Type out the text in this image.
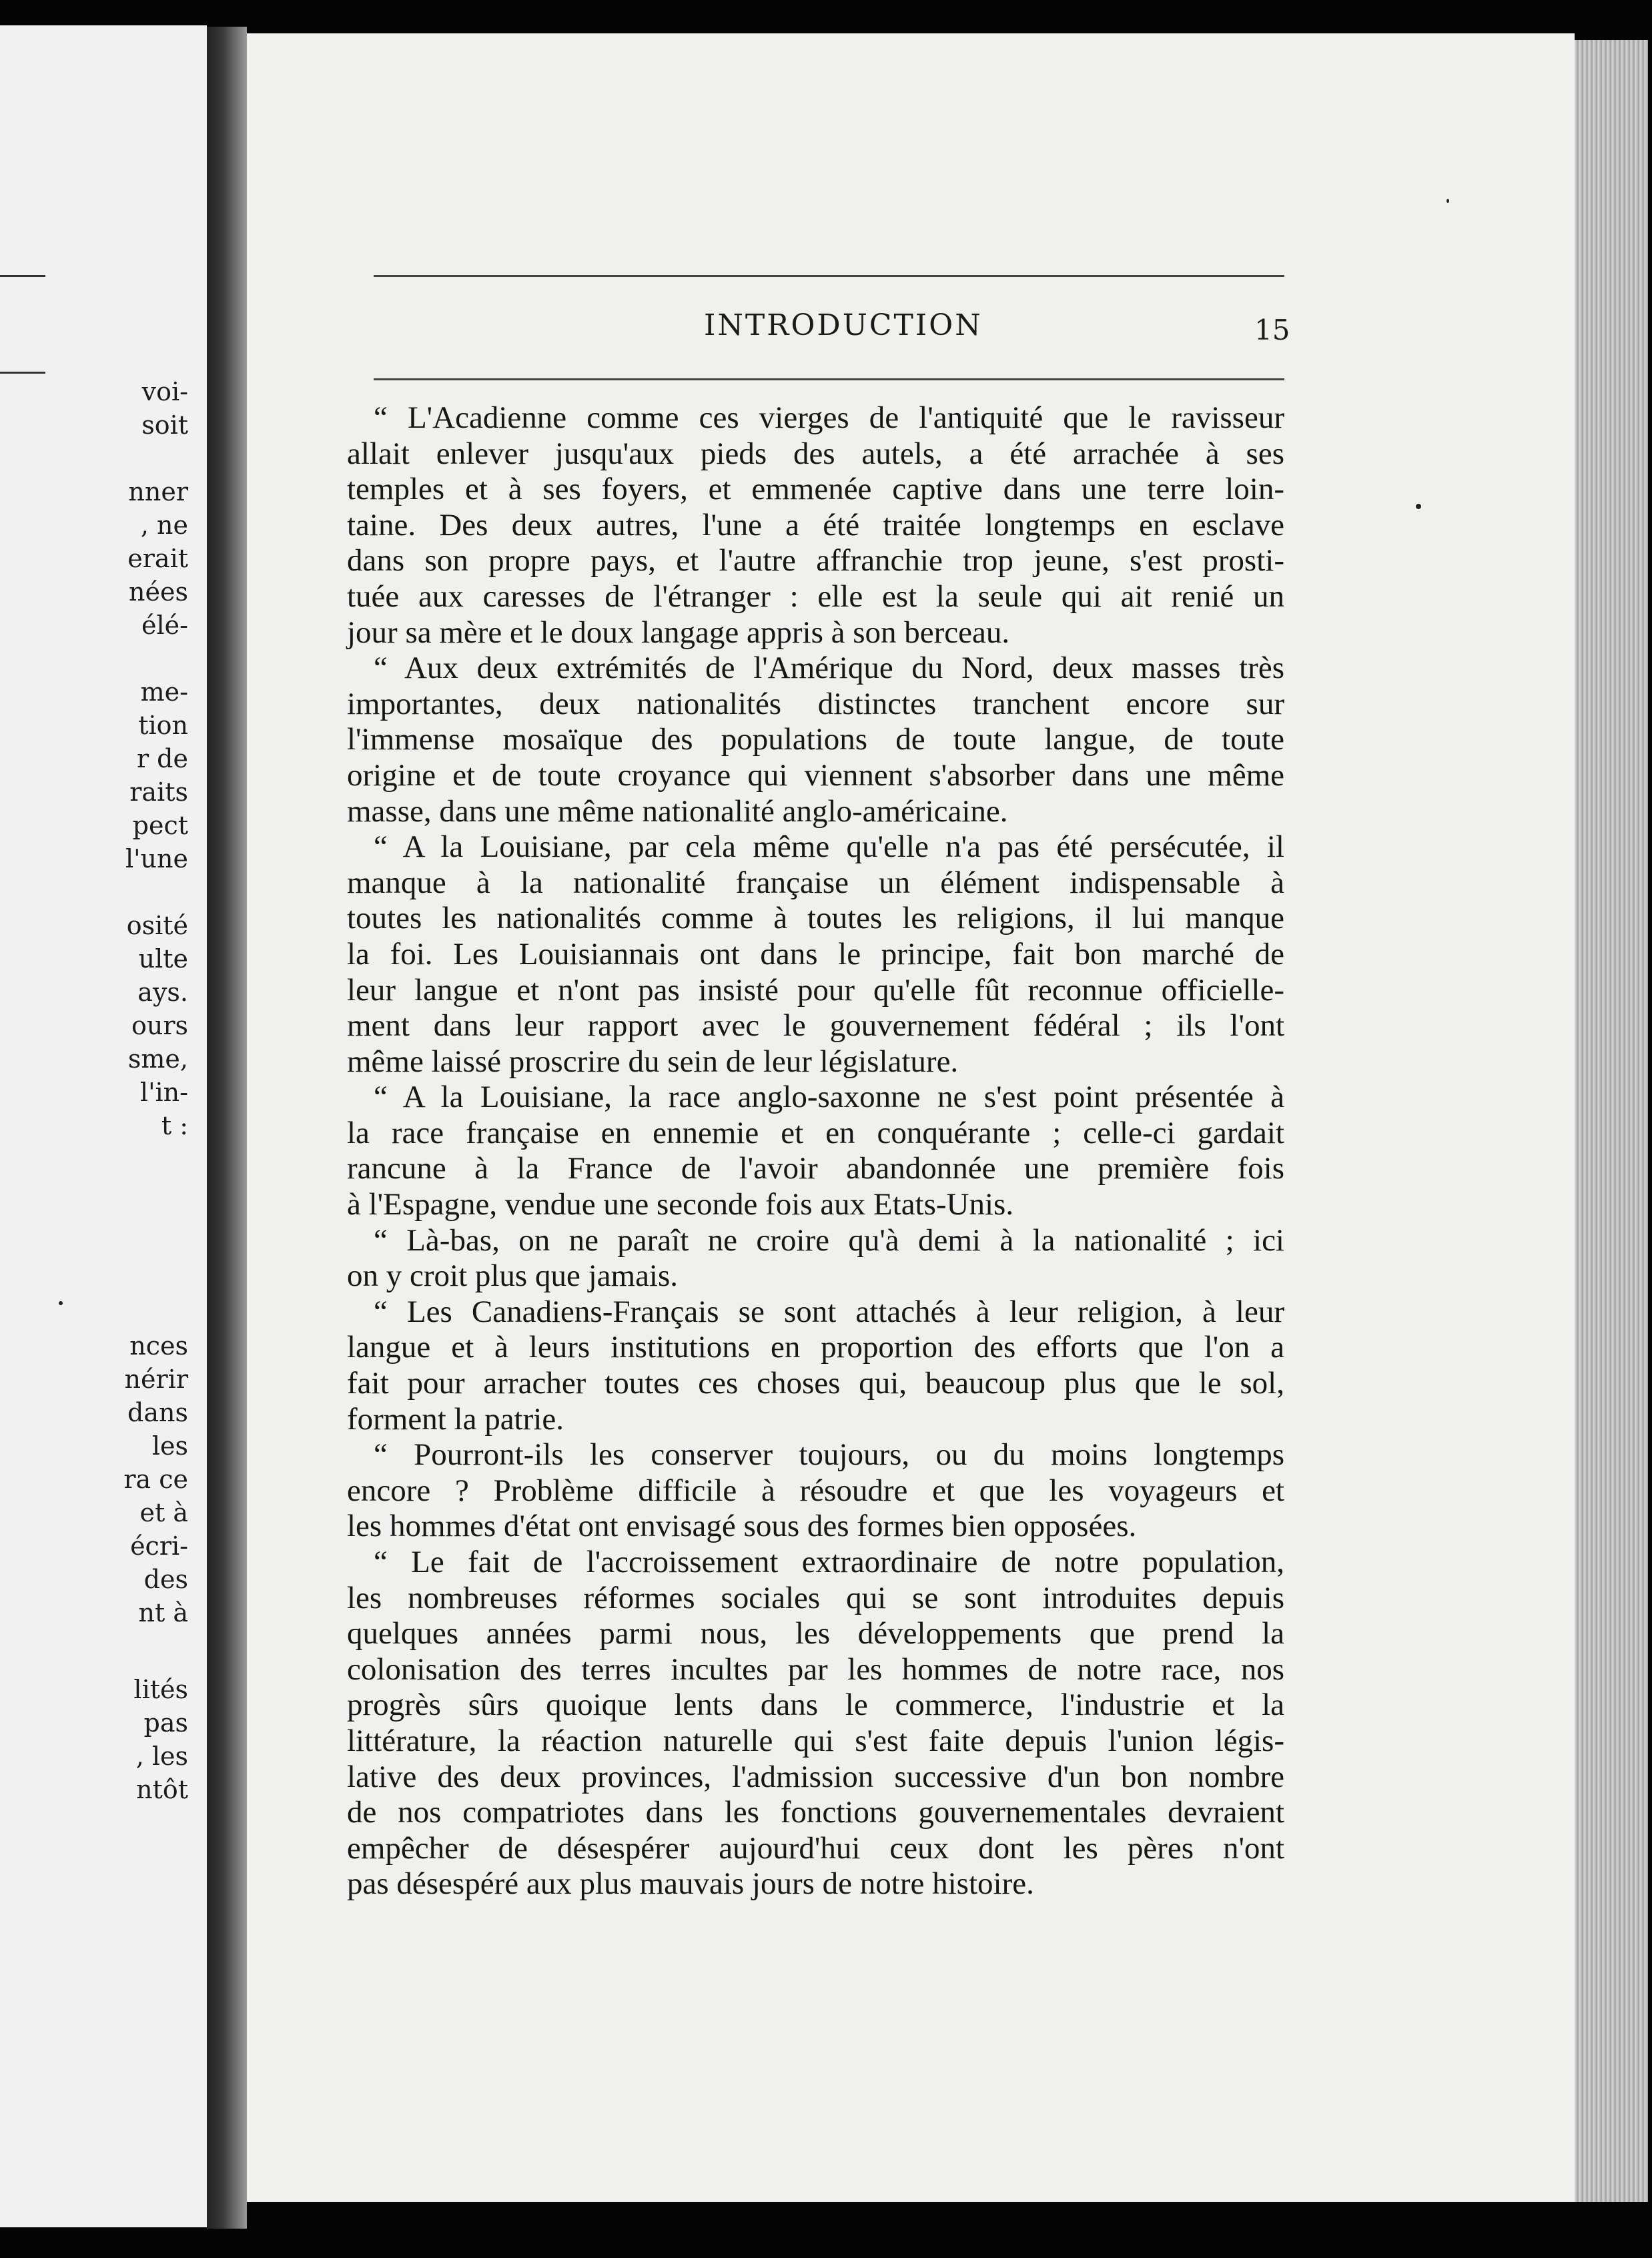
voi-
soit
nner
, ne
erait
nées
élé-
me-
tion
r de
raits
pect
l'une
osité
ulte
ays.
ours
sme,
l'in-
t :
nces
nérir
dans
les
ra ce
et à
écri-
des
nt à
lités
pas
, les
ntôt
INTRODUCTION	15
“ L'Acadienne comme ces vierges de l'antiquité que le ravisseur
allait enlever jusqu'aux pieds des autels, a été arrachée à ses
temples et à ses foyers, et emmenée captive dans une terre loin-
taine. Des deux autres, l'une a été traitée longtemps en esclave
dans son propre pays, et l'autre affranchie trop jeune, s'est prosti-
tuée aux caresses de l'étranger : elle est la seule qui ait renié un
jour sa mère et le doux langage appris à son berceau.
“ Aux deux extrémités de l'Amérique du Nord, deux masses très
importantes, deux nationalités distinctes tranchent encore sur
l'immense mosaïque des populations de toute langue, de toute
origine et de toute croyance qui viennent s'absorber dans une même
masse, dans une même nationalité anglo-américaine.
“ A la Louisiane, par cela même qu'elle n'a pas été persécutée, il
manque à la nationalité française un élément indispensable à
toutes les nationalités comme à toutes les religions, il lui manque
la foi. Les Louisiannais ont dans le principe, fait bon marché de
leur langue et n'ont pas insisté pour qu'elle fût reconnue officielle-
ment dans leur rapport avec le gouvernement fédéral ; ils l'ont
même laissé proscrire du sein de leur législature.
“ A la Louisiane, la race anglo-saxonne ne s'est point présentée à
la race française en ennemie et en conquérante ; celle-ci gardait
rancune à la France de l'avoir abandonnée une première fois
à l'Espagne, vendue une seconde fois aux Etats-Unis.
“ Là-bas, on ne paraît ne croire qu'à demi à la nationalité ; ici
on y croit plus que jamais.
“ Les Canadiens-Français se sont attachés à leur religion, à leur
langue et à leurs institutions en proportion des efforts que l'on a
fait pour arracher toutes ces choses qui, beaucoup plus que le sol,
forment la patrie.
“ Pourront-ils les conserver toujours, ou du moins longtemps
encore ? Problème difficile à résoudre et que les voyageurs et
les hommes d'état ont envisagé sous des formes bien opposées.
“ Le fait de l'accroissement extraordinaire de notre population,
les nombreuses réformes sociales qui se sont introduites depuis
quelques années parmi nous, les développements que prend la
colonisation des terres incultes par les hommes de notre race, nos
progrès sûrs quoique lents dans le commerce, l'industrie et la
littérature, la réaction naturelle qui s'est faite depuis l'union légis-
lative des deux provinces, l'admission successive d'un bon nombre
de nos compatriotes dans les fonctions gouvernementales devraient
empêcher de désespérer aujourd'hui ceux dont les pères n'ont
pas désespéré aux plus mauvais jours de notre histoire.
